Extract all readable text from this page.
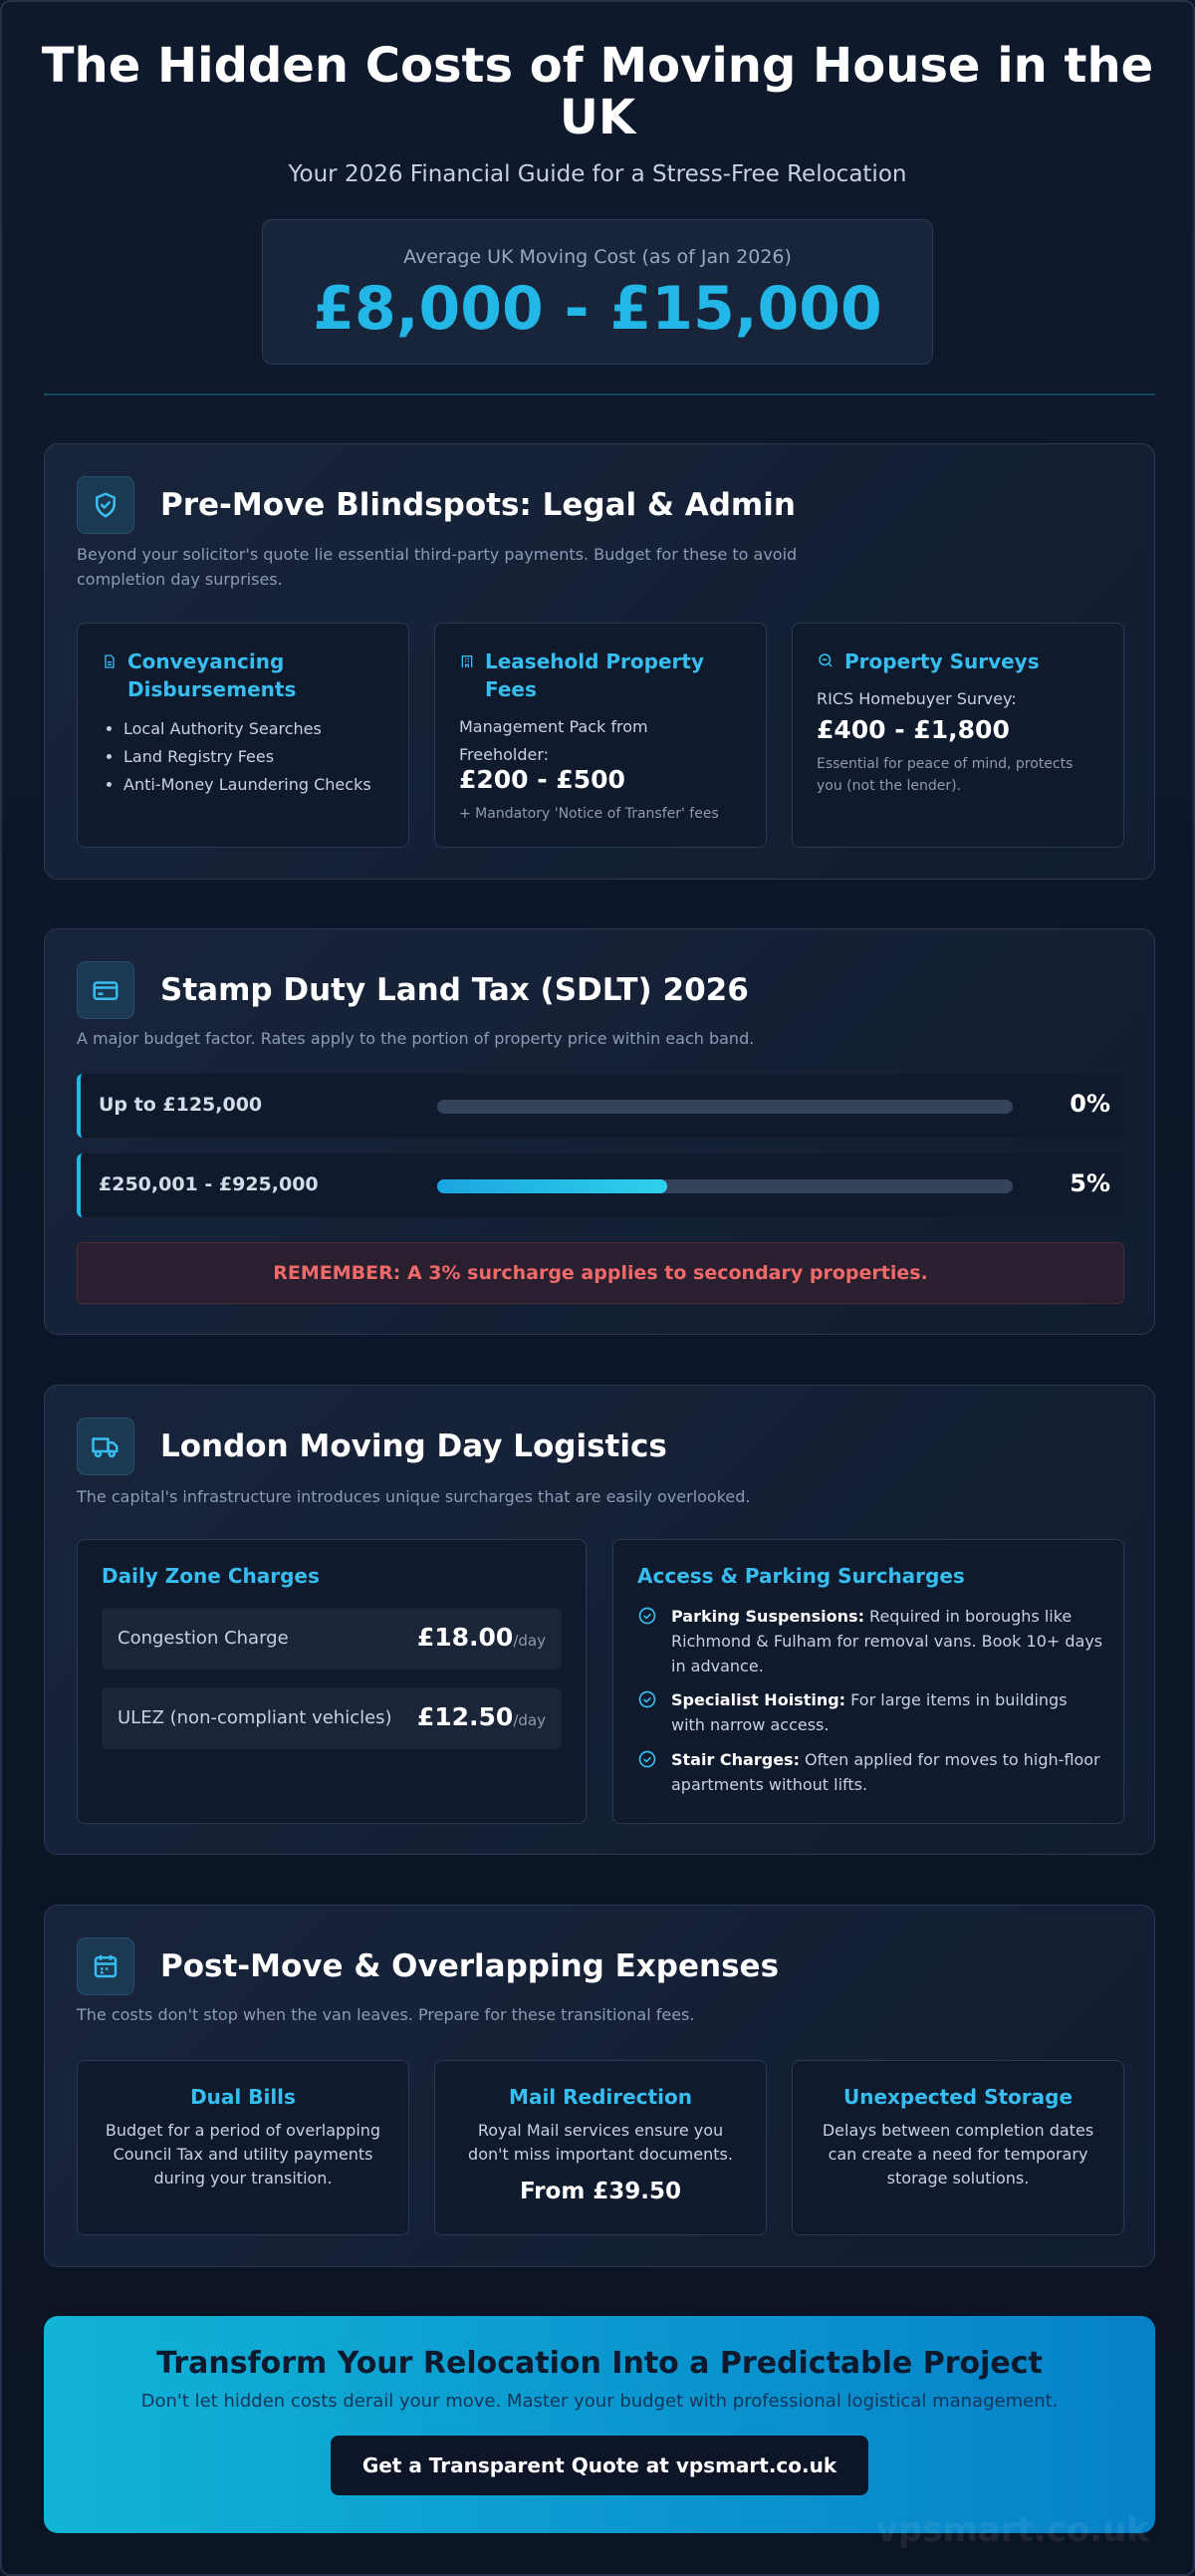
The Hidden Costs of Moving House in the UK
Your 2026 Financial Guide for a Stress-Free Relocation
Average UK Moving Cost (as of Jan 2026)
£8,000 - £15,000
Pre-Move Blindspots: Legal & Admin
Beyond your solicitor's quote lie essential third-party payments. Budget for these to avoid completion day surprises.
Conveyancing Disbursements
• Local Authority Searches
• Land Registry Fees
• Anti-Money Laundering Checks
Leasehold Property Fees
Management Pack from Freeholder:
£200 - £500
+ Mandatory 'Notice of Transfer' fees
Property Surveys
RICS Homebuyer Survey:
£400 - £1,800
Essential for peace of mind, protects you (not the lender).
Stamp Duty Land Tax (SDLT) 2026
A major budget factor. Rates apply to the portion of property price within each band.
Up to £125,000	0%
£250,001 - £925,000	5%
REMEMBER: A 3% surcharge applies to secondary properties.
London Moving Day Logistics
The capital's infrastructure introduces unique surcharges that are easily overlooked.
Daily Zone Charges
Congestion Charge	£18.00/day
ULEZ (non-compliant vehicles) £12.50/day
Access & Parking Surcharges
Parking Suspensions: Required in boroughs like Richmond & Fulham for removal vans. Book 10+ days in advance.
Specialist Hoisting: For large items in buildings with narrow access.
Stair Charges: Often applied for moves to high-floor apartments without lifts.
Post-Move & Overlapping Expenses
The costs don't stop when the van leaves. Prepare for these transitional fees.
Dual Bills
Budget for a period of overlapping Council Tax and utility payments during your transition.
Mail Redirection
Royal Mail services ensure you don't miss important documents.
From £39.50
Unexpected Storage
Delays between completion dates can create a need for temporary storage solutions.
Transform Your Relocation Into a Predictable Project
Don't let hidden costs derail your move. Master your budget with professional logistical management.
Get a Transparent Quote at vpsmart.co.uk
vpsmart.co.uk
